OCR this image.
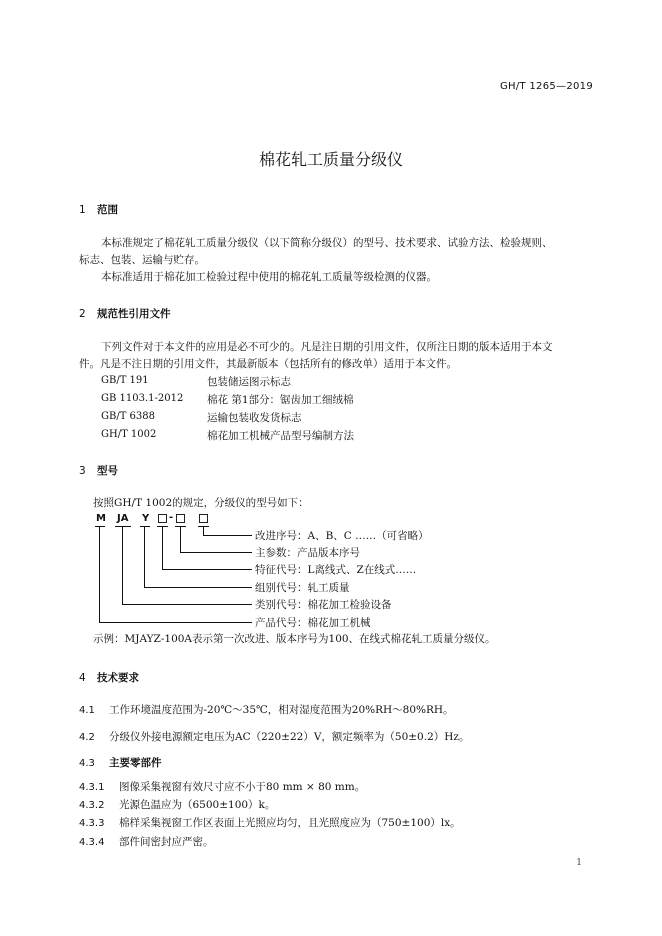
GH/T 1265—2019
棉花轧工质量分级仪
1 范围
本标准规定了棉花轧工质量分级仪（以下简称分级仪）的型号、技术要求、试验方法、检验规则、
标志、包装、运输与贮存。
本标准适用于棉花加工检验过程中使用的棉花轧工质量等级检测的仪器。
2 规范性引用文件
下列文件对于本文件的应用是必不可少的。凡是注日期的引用文件，仅所注日期的版本适用于本文
件。凡是不注日期的引用文件，其最新版本（包括所有的修改单）适用于本文件。
GB/T 191	包装储运图示标志
GB 1103.1-2012 棉花 第1部分：锯齿加工细绒棉
GB/T 6388	运输包装收发货标志
GH/T 1002	棉花加工机械产品型号编制方法
3 型号
按照GH/T 1002的规定，分级仪的型号如下：
M JA Y -
改进序号：A、B、C ……（可省略）
主参数：产品版本序号
特征代号：L离线式、Z在线式……
组别代号：轧工质量
类别代号：棉花加工检验设备
产品代号：棉花加工机械
示例：MJAYZ-100A表示第一次改进、版本序号为100、在线式棉花轧工质量分级仪。
4 技术要求
4.1 工作环境温度范围为-20℃～35℃，相对湿度范围为20%RH～80%RH。
4.2 分级仪外接电源额定电压为AC（220±22）V，额定频率为（50±0.2）Hz。
4.3 主要零部件
4.3.1 图像采集视窗有效尺寸应不小于80 mm × 80 mm。
4.3.2 光源色温应为（6500±100）k。
4.3.3 棉样采集视窗工作区表面上光照应均匀，且光照度应为（750±100）lx。
4.3.4 部件间密封应严密。
1
